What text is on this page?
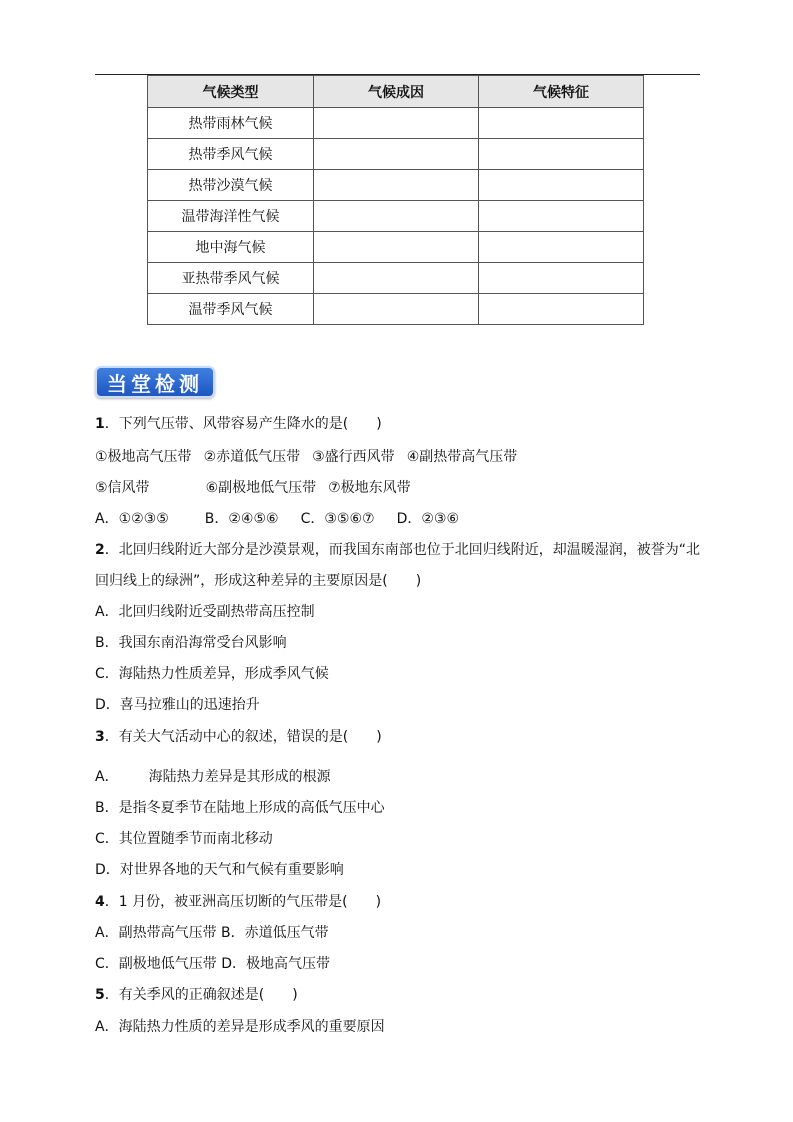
气候类型	气候成因	气候特征
热带雨林气候		
热带季风气候		
热带沙漠气候		
温带海洋性气候		
地中海气候		
亚热带季风气候		
温带季风气候		
当堂检测
1．下列气压带、风带容易产生降水的是(　　)
①极地高气压带 ②赤道低气压带 ③盛行西风带 ④副热带高气压带
⑤信风带	⑥副极地低气压带 ⑦极地东风带
A．①②③⑤	B．②④⑤⑥ C．③⑤⑥⑦ D．②③⑥
2．北回归线附近大部分是沙漠景观，而我国东南部也位于北回归线附近，却温暖湿润，被誉为“北
回归线上的绿洲”，形成这种差异的主要原因是(　　)
A．北回归线附近受副热带高压控制
B．我国东南沿海常受台风影响
C．海陆热力性质差异，形成季风气候
D．喜马拉雅山的迅速抬升
3．有关大气活动中心的叙述，错误的是(　　)
A． 海陆热力差异是其形成的根源
B．是指冬夏季节在陆地上形成的高低气压中心
C．其位置随季节而南北移动
D．对世界各地的天气和气候有重要影响
4．1 月份，被亚洲高压切断的气压带是(　　)
A．副热带高气压带 B．赤道低压气带
C．副极地低气压带 D．极地高气压带
5．有关季风的正确叙述是(　　)
A．海陆热力性质的差异是形成季风的重要原因
